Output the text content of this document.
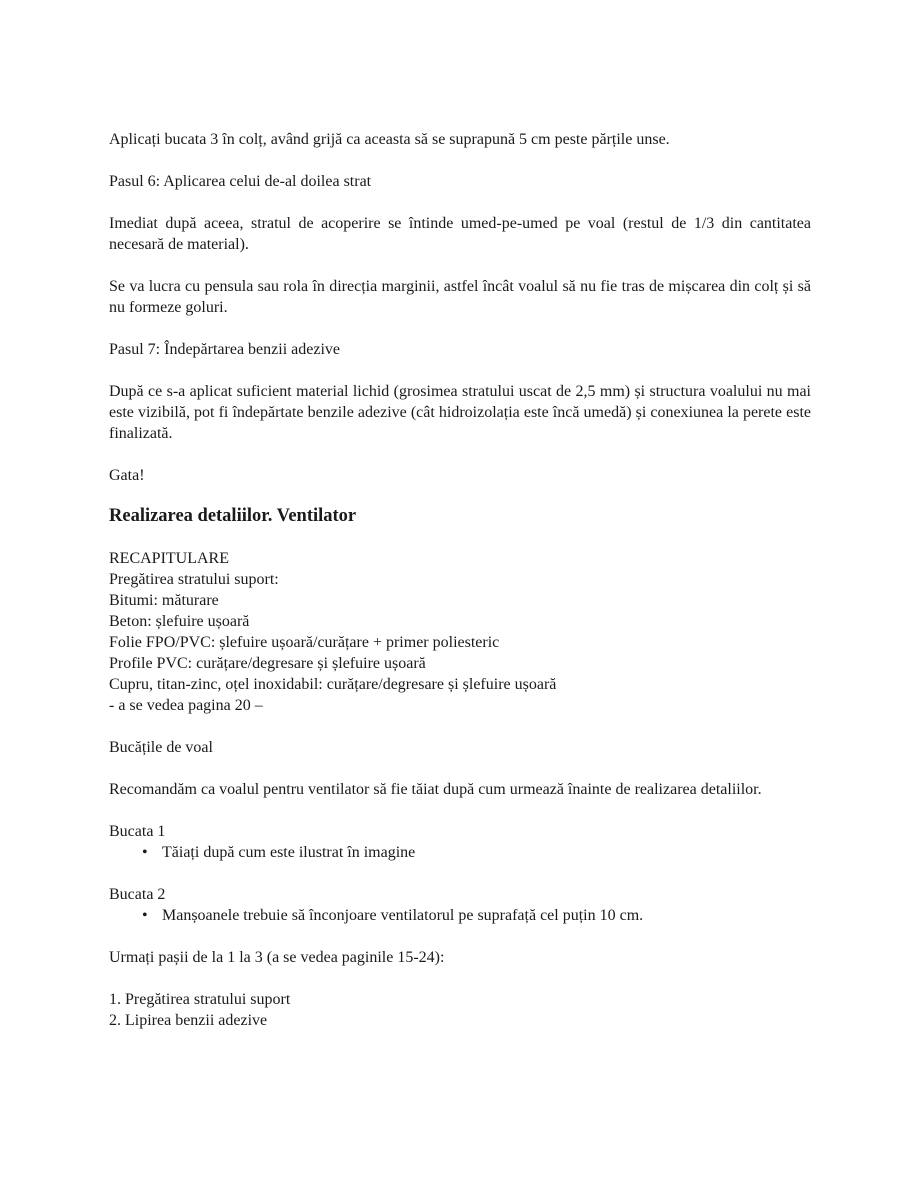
Aplicați bucata 3 în colț, având grijă ca aceasta să se suprapună 5 cm peste părțile unse.

Pasul 6: Aplicarea celui de-al doilea strat

Imediat după aceea, stratul de acoperire se întinde umed-pe-umed pe voal (restul de 1/3 din cantitatea necesară de material).

Se va lucra cu pensula sau rola în direcția marginii, astfel încât voalul să nu fie tras de mișcarea din colț și să nu formeze goluri.

Pasul 7: Îndepărtarea benzii adezive

După ce s-a aplicat suficient material lichid (grosimea stratului uscat de 2,5 mm) și structura voalului nu mai este vizibilă, pot fi îndepărtate benzile adezive (cât hidroizolația este încă umedă) și conexiunea la perete este finalizată.

Gata!

Realizarea detaliilor. Ventilator

RECAPITULARE
Pregătirea stratului suport:
Bitumi: măturare
Beton: șlefuire ușoară
Folie FPO/PVC: șlefuire ușoară/curățare + primer poliesteric
Profile PVC: curățare/degresare și șlefuire ușoară
Cupru, titan-zinc, oțel inoxidabil: curățare/degresare și șlefuire ușoară
- a se vedea pagina 20 –

Bucățile de voal

Recomandăm ca voalul pentru ventilator să fie tăiat după cum urmează înainte de realizarea detaliilor.

Bucata 1

• Tăiați după cum este ilustrat în imagine

Bucata 2

• Manșoanele trebuie să înconjoare ventilatorul pe suprafață cel puțin 10 cm.

Urmați pașii de la 1 la 3 (a se vedea paginile 15-24):

1. Pregătirea stratului suport
2. Lipirea benzii adezive
